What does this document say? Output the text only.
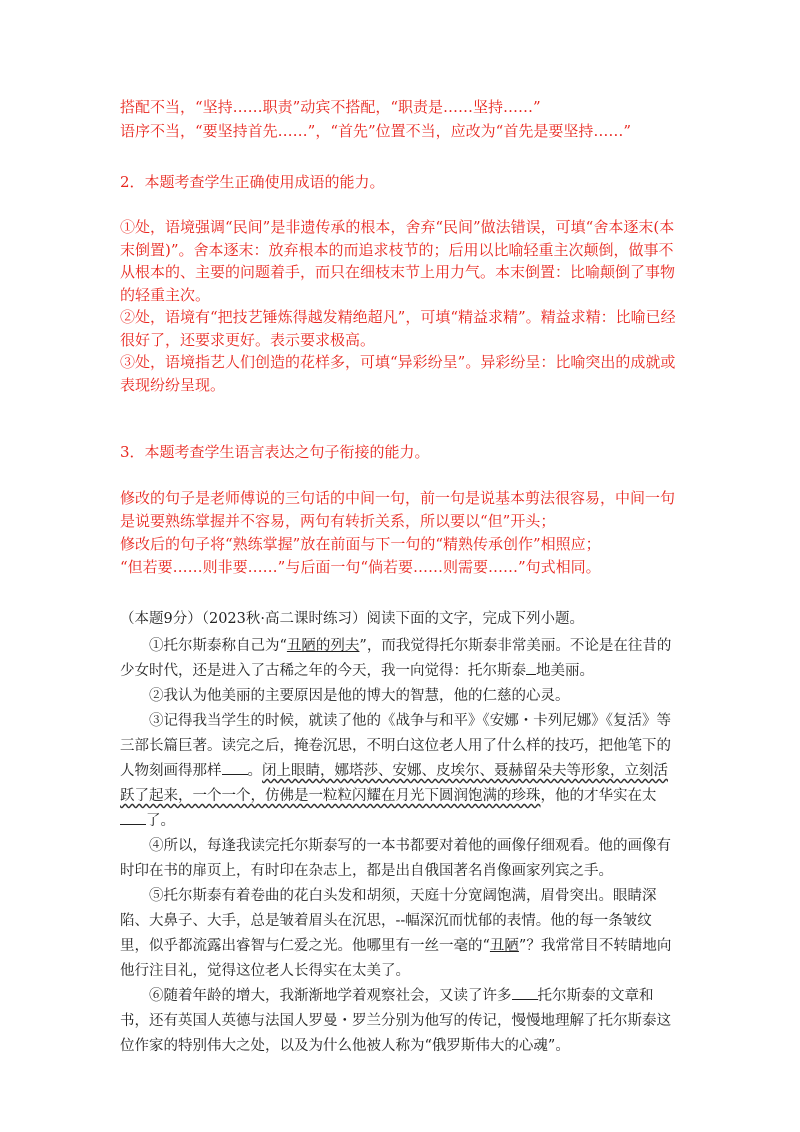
搭配不当，“坚持……职责”动宾不搭配，“职责是……坚持……”

语序不当，“要坚持首先……”，“首先”位置不当，应改为“首先是要坚持……”

2．本题考查学生正确使用成语的能力。

①处，语境强调“民间”是非遗传承的根本，舍弃“民间”做法错误，可填“舍本逐末(本末倒置)”。舍本逐末：放弃根本的而追求枝节的；后用以比喻轻重主次颠倒，做事不从根本的、主要的问题着手，而只在细枝末节上用力气。本末倒置：比喻颠倒了事物的轻重主次。

②处，语境有“把技艺锤炼得越发精绝超凡”，可填“精益求精”。精益求精：比喻已经很好了，还要求更好。表示要求极高。

③处，语境指艺人们创造的花样多，可填“异彩纷呈”。异彩纷呈：比喻突出的成就或表现纷纷呈现。

3．本题考查学生语言表达之句子衔接的能力。

修改的句子是老师傅说的三句话的中间一句，前一句是说基本剪法很容易，中间一句是说要熟练掌握并不容易，两句有转折关系，所以要以“但”开头；

修改后的句子将“熟练掌握”放在前面与下一句的“精熟传承创作”相照应；

“但若要……则非要……”与后面一句“倘若要……则需要……”句式相同。

（本题9分）（2023秋·高二课时练习）阅读下面的文字，完成下列小题。

①托尔斯泰称自己为“丑陋的列夫”，而我觉得托尔斯泰非常美丽。不论是在往昔的少女时代，还是进入了古稀之年的今天，我一向觉得：托尔斯泰 地美丽。

②我认为他美丽的主要原因是他的博大的智慧，他的仁慈的心灵。

③记得我当学生的时候，就读了他的《战争与和平》《安娜・卡列尼娜》《复活》等三部长篇巨著。读完之后，掩卷沉思，不明白这位老人用了什么样的技巧，把他笔下的人物刻画得那样 。闭上眼睛，娜塔莎、安娜、皮埃尔、聂赫留朵夫等形象，立刻活跃了起来，一个一个，仿佛是一粒粒闪耀在月光下圆润饱满的珍珠，他的才华实在太了。

④所以，每逢我读完托尔斯泰写的一本书都要对着他的画像仔细观看。他的画像有时印在书的扉页上，有时印在杂志上，都是出自俄国著名肖像画家列宾之手。

⑤托尔斯泰有着卷曲的花白头发和胡须，天庭十分宽阔饱满，眉骨突出。眼睛深陷、大鼻子、大手，总是皱着眉头在沉思，--幅深沉而忧郁的表情。他的每一条皱纹里，似乎都流露出睿智与仁爱之光。他哪里有一丝一毫的“丑陋”？我常常目不转睛地向他行注目礼，觉得这位老人长得实在太美了。

⑥随着年龄的增大，我渐渐地学着观察社会，又读了许多 托尔斯泰的文章和书，还有英国人英德与法国人罗曼・罗兰分别为他写的传记，慢慢地理解了托尔斯泰这位作家的特别伟大之处，以及为什么他被人称为“俄罗斯伟大的心魂”。
